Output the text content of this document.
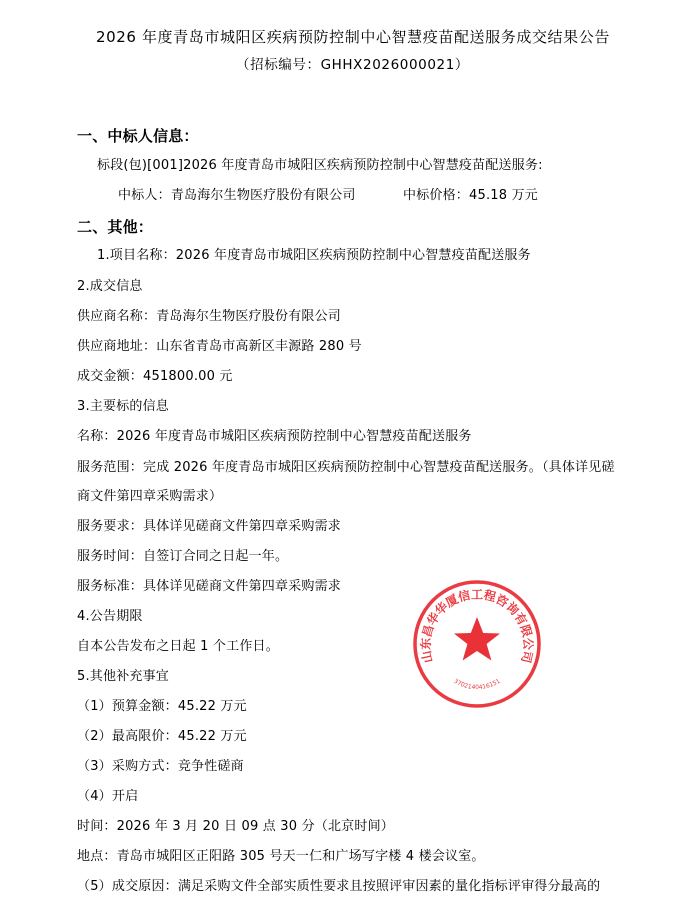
2026 年度青岛市城阳区疾病预防控制中心智慧疫苗配送服务成交结果公告
（招标编号：GHHX2026000021）
一、中标人信息：
标段(包)[001]2026 年度青岛市城阳区疾病预防控制中心智慧疫苗配送服务:
中标人：青岛海尔生物医疗股份有限公司	中标价格：45.18 万元
二、其他：
1.项目名称：2026 年度青岛市城阳区疾病预防控制中心智慧疫苗配送服务
2.成交信息
供应商名称：青岛海尔生物医疗股份有限公司
供应商地址：山东省青岛市高新区丰源路 280 号
成交金额：451800.00 元
3.主要标的信息
名称：2026 年度青岛市城阳区疾病预防控制中心智慧疫苗配送服务
服务范围：完成 2026 年度青岛市城阳区疾病预防控制中心智慧疫苗配送服务。（具体详见磋
商文件第四章采购需求）
服务要求：具体详见磋商文件第四章采购需求
服务时间：自签订合同之日起一年。
服务标准：具体详见磋商文件第四章采购需求
4.公告期限
自本公告发布之日起 1 个工作日。
5.其他补充事宜
（1）预算金额：45.22 万元
（2）最高限价：45.22 万元
（3）采购方式：竞争性磋商
（4）开启
时间：2026 年 3 月 20 日 09 点 30 分（北京时间）
地点：青岛市城阳区正阳路 305 号天一仁和广场写字楼 4 楼会议室。
（5）成交原因：满足采购文件全部实质性要求且按照评审因素的量化指标评审得分最高的
山东昌华华厦信工程咨询有限公司
3702140416151
